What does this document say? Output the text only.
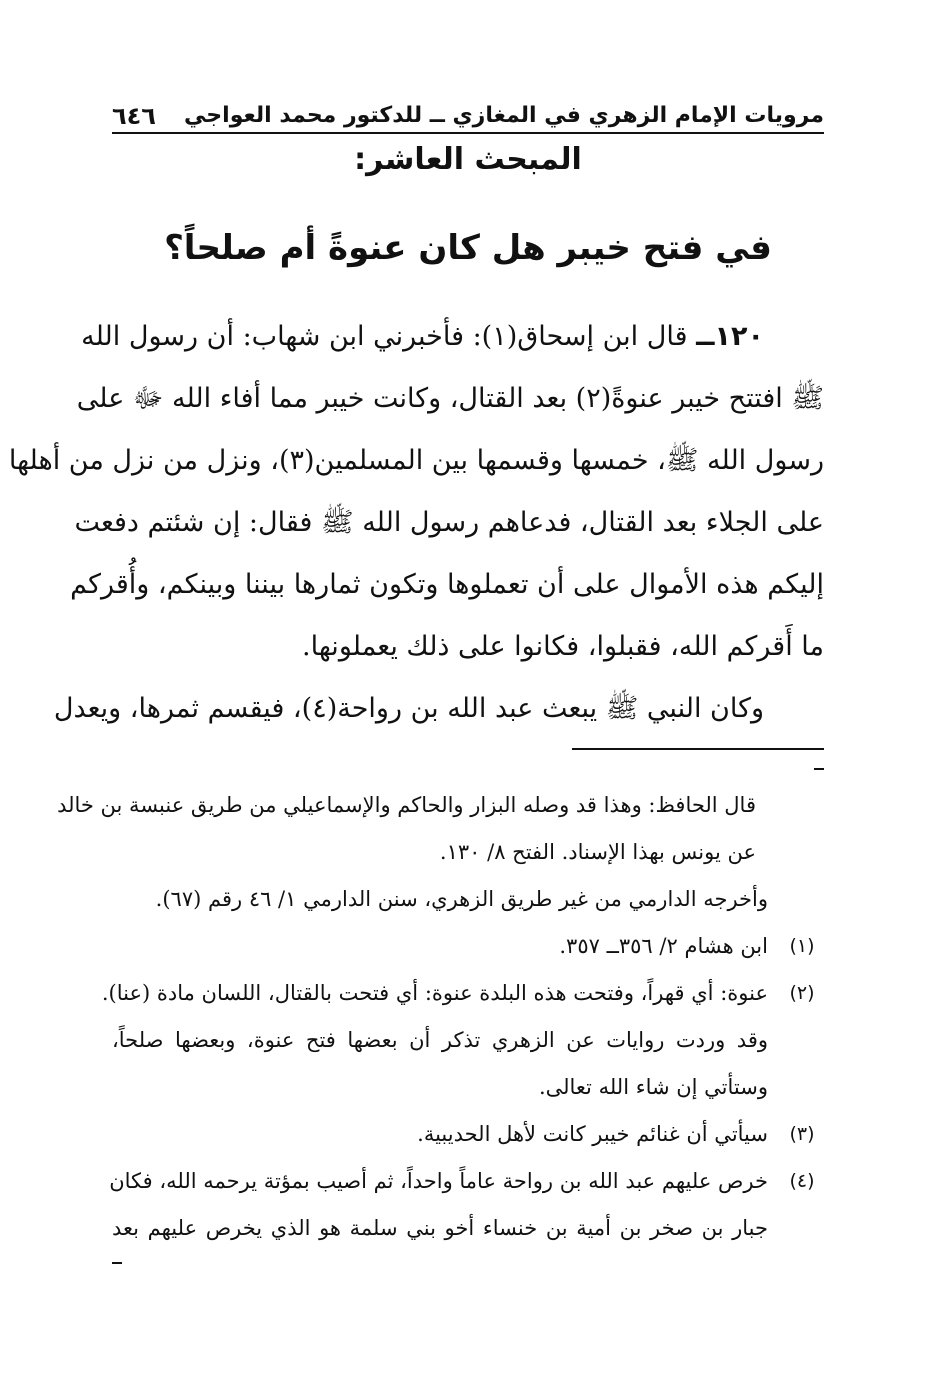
مرويات الإمام الزهري في المغازي ــ للدكتور محمد العواجي
٦٤٦
المبحث العاشر:
في فتح خيبر هل كان عنوةً أم صلحاً؟
١٢٠ــ قال ابن إسحاق(١): فأخبرني ابن شهاب: أن رسول الله
ﷺ افتتح خيبر عنوةً(٢) بعد القتال، وكانت خيبر مما أفاء الله ﷻ على
رسول الله ﷺ، خمسها وقسمها بين المسلمين(٣)، ونزل من نزل من أهلها
على الجلاء بعد القتال، فدعاهم رسول الله ﷺ فقال: إن شئتم دفعت
إليكم هذه الأموال على أن تعملوها وتكون ثمارها بيننا وبينكم، وأُقركم
ما أَقركم الله، فقبلوا، فكانوا على ذلك يعملونها.
وكان النبي ﷺ يبعث عبد الله بن رواحة(٤)، فيقسم ثمرها، ويعدل
قال الحافظ: وهذا قد وصله البزار والحاكم والإسماعيلي من طريق عنبسة بن خالد
عن يونس بهذا الإسناد. الفتح ٨/ ١٣٠.
وأخرجه الدارمي من غير طريق الزهري، سنن الدارمي ١/ ٤٦ رقم (٦٧).
(١)
ابن هشام ٢/ ٣٥٦ــ ٣٥٧.
(٢)
عنوة: أي قهراً، وفتحت هذه البلدة عنوة: أي فتحت بالقتال، اللسان مادة (عنا).
وقد وردت روايات عن الزهري تذكر أن بعضها فتح عنوة، وبعضها صلحاً،
وستأتي إن شاء الله تعالى.
(٣)
سيأتي أن غنائم خيبر كانت لأهل الحديبية.
(٤)
خرص عليهم عبد الله بن رواحة عاماً واحداً، ثم أصيب بمؤتة يرحمه الله، فكان
جبار بن صخر بن أمية بن خنساء أخو بني سلمة هو الذي يخرص عليهم بعد
